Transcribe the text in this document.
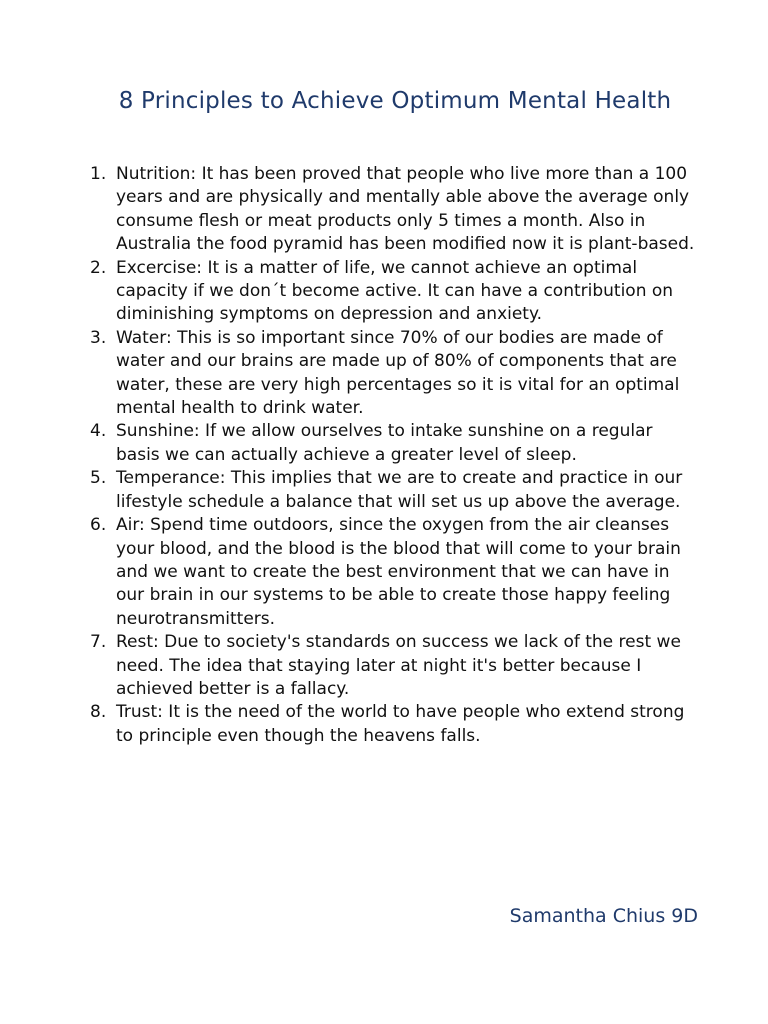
8 Principles to Achieve Optimum Mental Health
1. Nutrition: It has been proved that people who live more than a 100 years and are physically and mentally able above the average only consume flesh or meat products only 5 times a month. Also in Australia the food pyramid has been modified now it is plant-based.
2. Excercise: It is a matter of life, we cannot achieve an optimal capacity if we don´t become active. It can have a contribution on diminishing symptoms on depression and anxiety.
3. Water: This is so important since 70% of our bodies are made of water and our brains are made up of 80% of components that are water, these are very high percentages so it is vital for an optimal mental health to drink water.
4. Sunshine: If we allow ourselves to intake sunshine on a regular basis we can actually achieve a greater level of sleep.
5. Temperance: This implies that we are to create and practice in our lifestyle schedule a balance that will set us up above the average.
6. Air: Spend time outdoors, since the oxygen from the air cleanses your blood, and the blood is the blood that will come to your brain and we want to create the best environment that we can have in our brain in our systems to be able to create those happy feeling neurotransmitters.
7. Rest: Due to society's standards on success we lack of the rest we need. The idea that staying later at night it's better because I achieved better is a fallacy.
8. Trust: It is the need of the world to have people who extend strong to principle even though the heavens falls.

Samantha Chius 9D
